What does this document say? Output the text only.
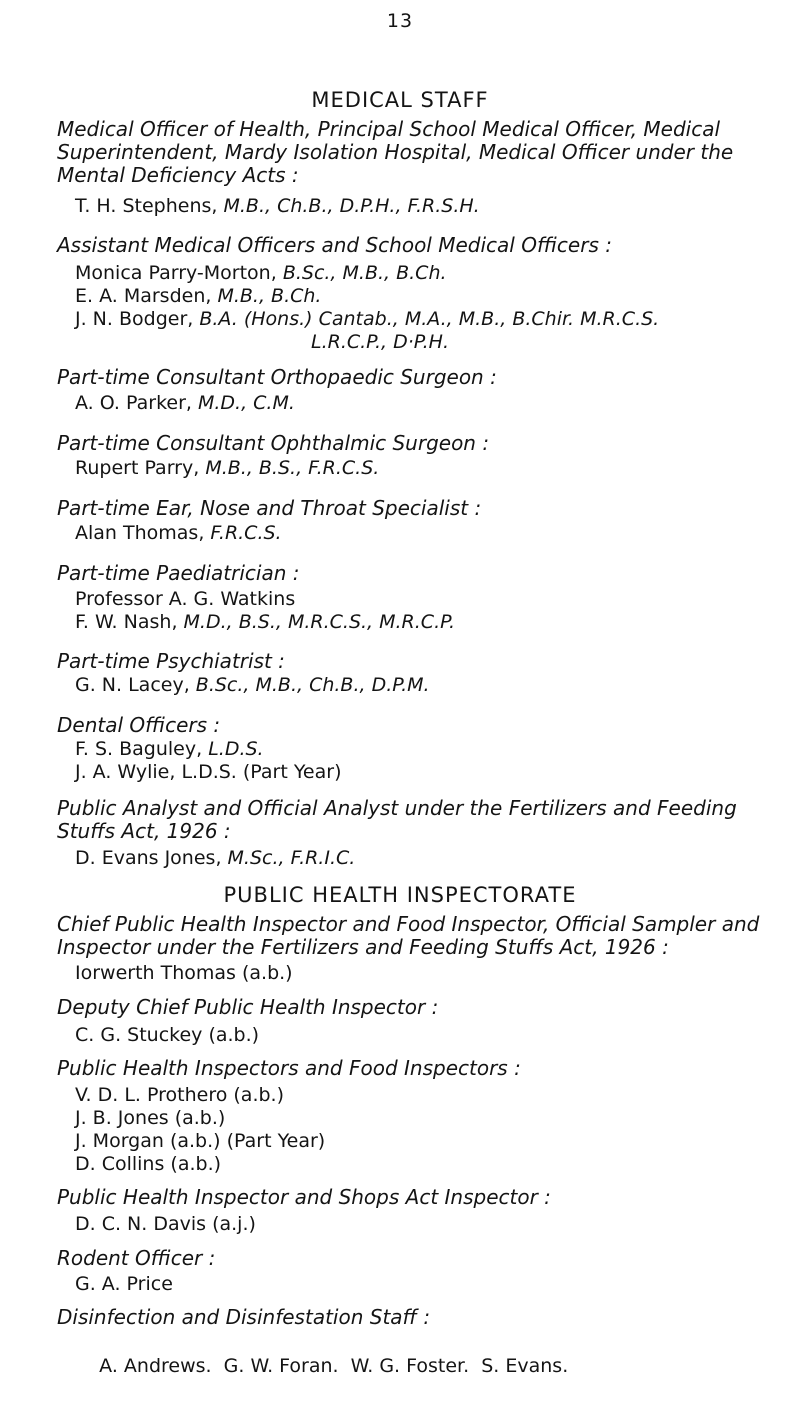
13
MEDICAL STAFF
Medical Officer of Health, Principal School Medical Officer, Medical Superintendent, Mardy Isolation Hospital, Medical Officer under the Mental Deficiency Acts :
T. H. Stephens, M.B., Ch.B., D.P.H., F.R.S.H.
Assistant Medical Officers and School Medical Officers :
Monica Parry-Morton, B.Sc., M.B., B.Ch.
E. A. Marsden, M.B., B.Ch.
J. N. Bodger, B.A. (Hons.) Cantab., M.A., M.B., B.Chir. M.R.C.S.
L.R.C.P., D·P.H.
Part-time Consultant Orthopaedic Surgeon :
A. O. Parker, M.D., C.M.
Part-time Consultant Ophthalmic Surgeon :
Rupert Parry, M.B., B.S., F.R.C.S.
Part-time Ear, Nose and Throat Specialist :
Alan Thomas, F.R.C.S.
Part-time Paediatrician :
Professor A. G. Watkins
F. W. Nash, M.D., B.S., M.R.C.S., M.R.C.P.
Part-time Psychiatrist :
G. N. Lacey, B.Sc., M.B., Ch.B., D.P.M.
Dental Officers :
F. S. Baguley, L.D.S.
J. A. Wylie, L.D.S. (Part Year)
Public Analyst and Official Analyst under the Fertilizers and Feeding Stuffs Act, 1926 :
D. Evans Jones, M.Sc., F.R.I.C.
PUBLIC HEALTH INSPECTORATE
Chief Public Health Inspector and Food Inspector, Official Sampler and Inspector under the Fertilizers and Feeding Stuffs Act, 1926 :
Iorwerth Thomas (a.b.)
Deputy Chief Public Health Inspector :
C. G. Stuckey (a.b.)
Public Health Inspectors and Food Inspectors :
V. D. L. Prothero (a.b.)
J. B. Jones (a.b.)
J. Morgan (a.b.) (Part Year)
D. Collins (a.b.)
Public Health Inspector and Shops Act Inspector :
D. C. N. Davis (a.j.)
Rodent Officer :
G. A. Price
Disinfection and Disinfestation Staff :

A. Andrews.  G. W. Foran.  W. G. Foster.  S. Evans.
